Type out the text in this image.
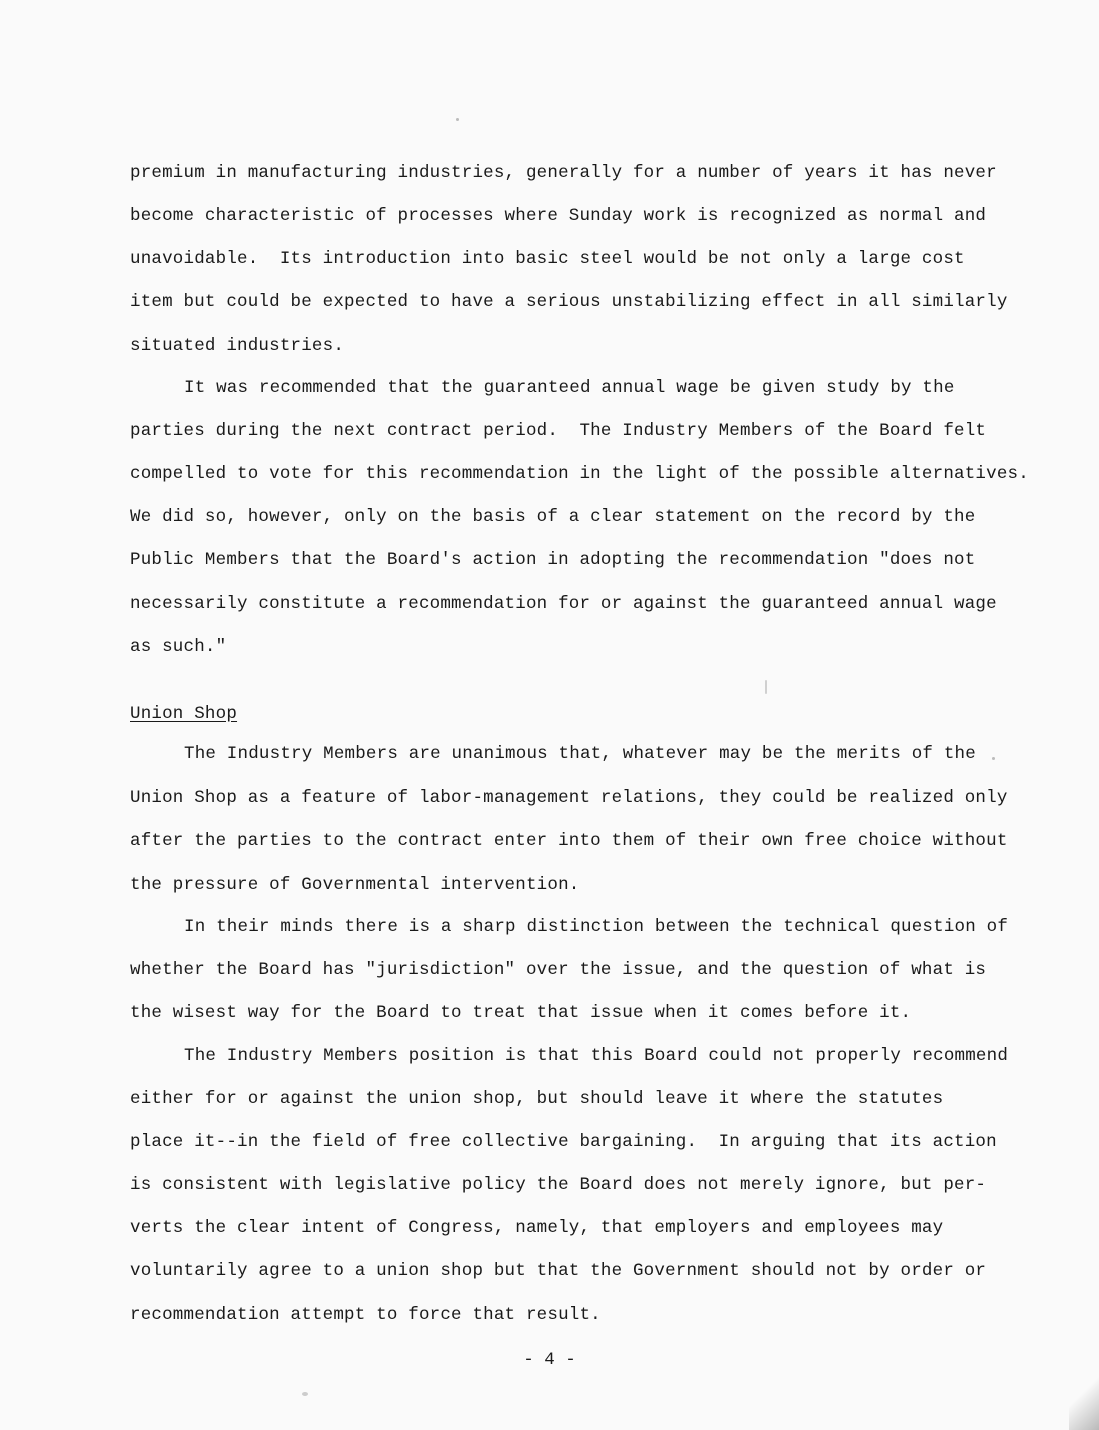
premium in manufacturing industries, generally for a number of years it has never
become characteristic of processes where Sunday work is recognized as normal and
unavoidable.  Its introduction into basic steel would be not only a large cost
item but could be expected to have a serious unstabilizing effect in all similarly
situated industries.
It was recommended that the guaranteed annual wage be given study by the
parties during the next contract period.  The Industry Members of the Board felt
compelled to vote for this recommendation in the light of the possible alternatives.
We did so, however, only on the basis of a clear statement on the record by the
Public Members that the Board's action in adopting the recommendation "does not
necessarily constitute a recommendation for or against the guaranteed annual wage
as such."
Union Shop
The Industry Members are unanimous that, whatever may be the merits of the
Union Shop as a feature of labor-management relations, they could be realized only
after the parties to the contract enter into them of their own free choice without
the pressure of Governmental intervention.
In their minds there is a sharp distinction between the technical question of
whether the Board has "jurisdiction" over the issue, and the question of what is
the wisest way for the Board to treat that issue when it comes before it.
The Industry Members position is that this Board could not properly recommend
either for or against the union shop, but should leave it where the statutes
place it--in the field of free collective bargaining.  In arguing that its action
is consistent with legislative policy the Board does not merely ignore, but per-
verts the clear intent of Congress, namely, that employers and employees may
voluntarily agree to a union shop but that the Government should not by order or
recommendation attempt to force that result.
- 4 -
